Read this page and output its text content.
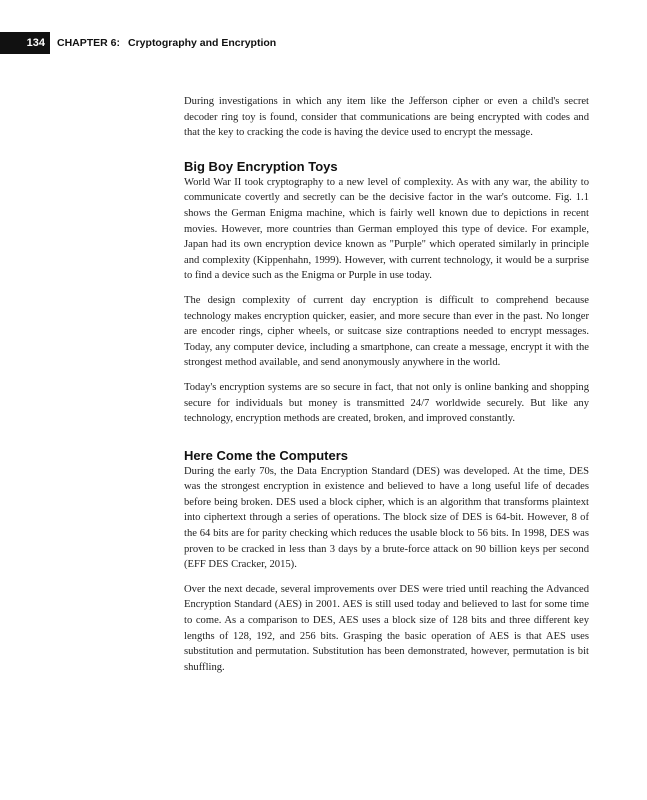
134	CHAPTER 6: Cryptography and Encryption

During investigations in which any item like the Jefferson cipher or even a child's secret decoder ring toy is found, consider that communications are being encrypted with codes and that the key to cracking the code is having the device used to encrypt the message.

Big Boy Encryption Toys

World War II took cryptography to a new level of complexity. As with any war, the ability to communicate covertly and secretly can be the decisive factor in the war's outcome. Fig. 1.1 shows the German Enigma machine, which is fairly well known due to depictions in recent movies. However, more countries than German employed this type of device. For example, Japan had its own encryption device known as "Purple" which operated similarly in principle and complexity (Kippenhahn, 1999). However, with current technology, it would be a surprise to find a device such as the Enigma or Purple in use today.

The design complexity of current day encryption is difficult to comprehend because technology makes encryption quicker, easier, and more secure than ever in the past. No longer are encoder rings, cipher wheels, or suitcase size contraptions needed to encrypt messages. Today, any computer device, including a smartphone, can create a message, encrypt it with the strongest method available, and send anonymously anywhere in the world.

Today's encryption systems are so secure in fact, that not only is online banking and shopping secure for individuals but money is transmitted 24/7 worldwide securely. But like any technology, encryption methods are created, broken, and improved constantly.

Here Come the Computers

During the early 70s, the Data Encryption Standard (DES) was developed. At the time, DES was the strongest encryption in existence and believed to have a long useful life of decades before being broken. DES used a block cipher, which is an algorithm that transforms plaintext into ciphertext through a series of operations. The block size of DES is 64-bit. However, 8 of the 64 bits are for parity checking which reduces the usable block to 56 bits. In 1998, DES was proven to be cracked in less than 3 days by a brute-force attack on 90 billion keys per second (EFF DES Cracker, 2015).

Over the next decade, several improvements over DES were tried until reaching the Advanced Encryption Standard (AES) in 2001. AES is still used today and believed to last for some time to come. As a comparison to DES, AES uses a block size of 128 bits and three different key lengths of 128, 192, and 256 bits. Grasping the basic operation of AES is that AES uses substitution and permutation. Substitution has been demonstrated, however, permutation is bit shuffling.
